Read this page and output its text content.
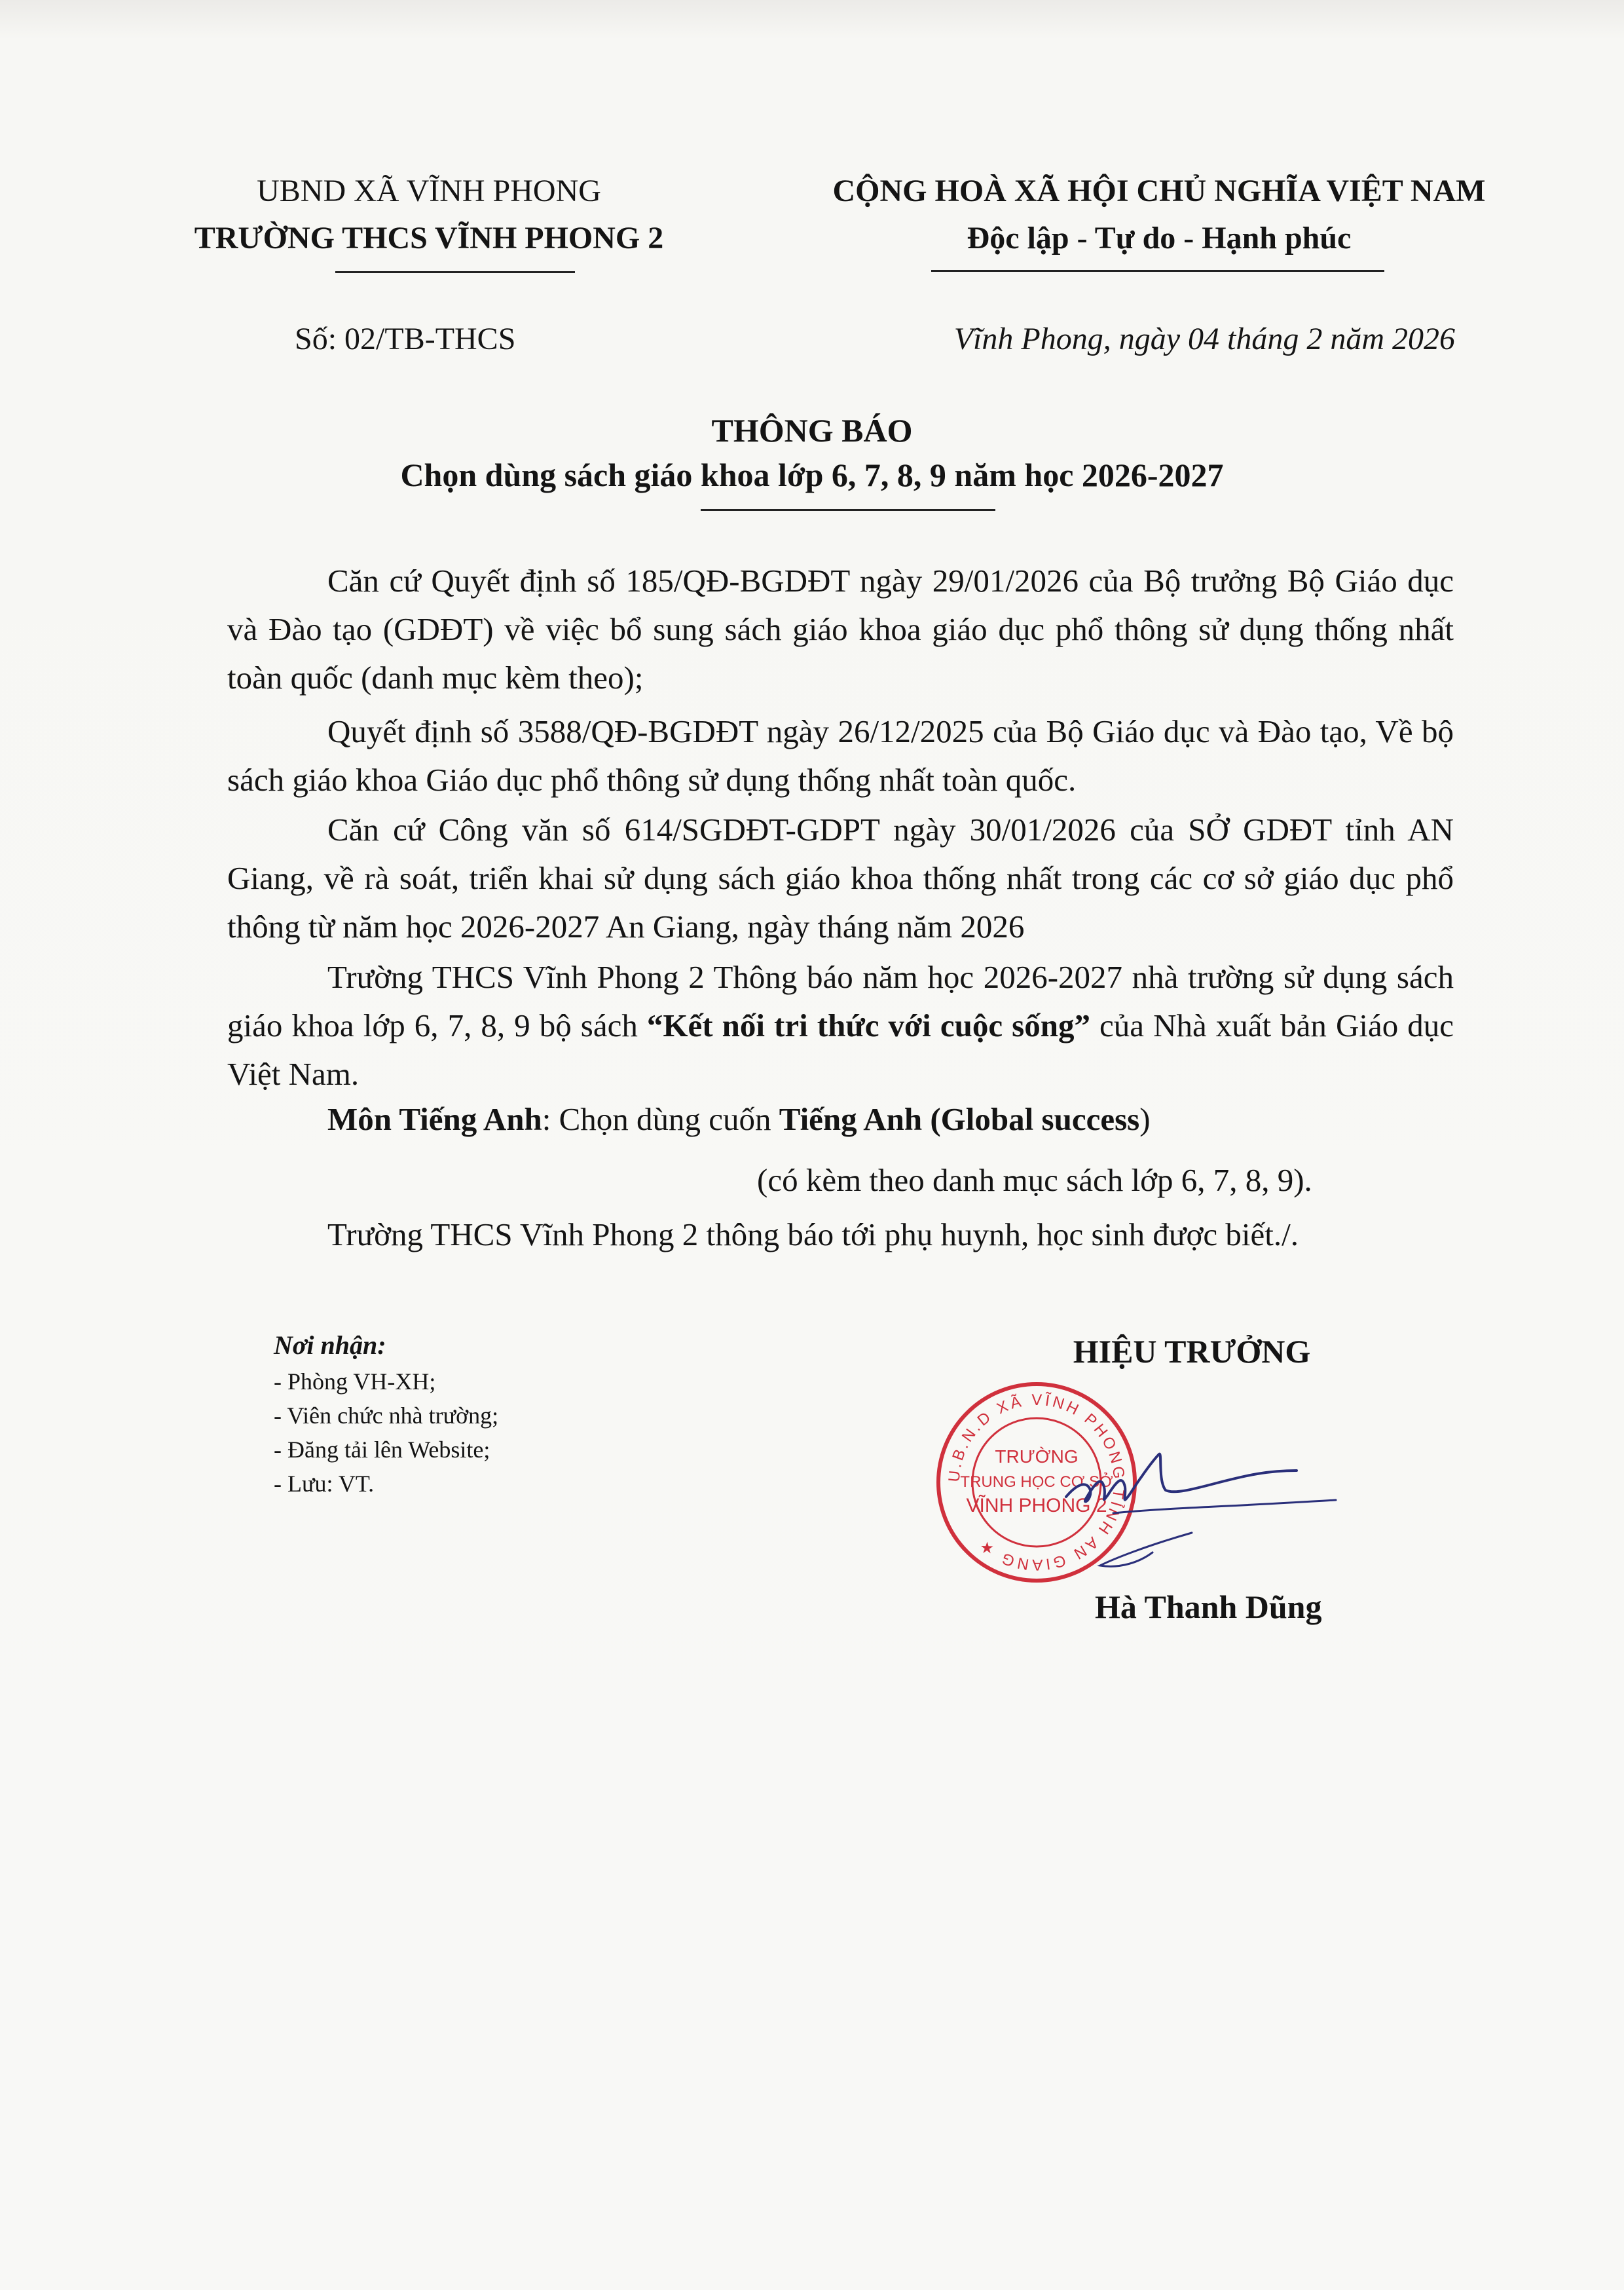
UBND XÃ VĨNH PHONG
TRƯỜNG THCS VĨNH PHONG 2
CỘNG HOÀ XÃ HỘI CHỦ NGHĨA VIỆT NAM
Độc lập - Tự do - Hạnh phúc
Số: 02/TB-THCS	Vĩnh Phong, ngày 04 tháng 2 năm 2026
THÔNG BÁO
Chọn dùng sách giáo khoa lớp 6, 7, 8, 9 năm học 2026-2027
Căn cứ Quyết định số 185/QĐ-BGDĐT ngày 29/01/2026 của Bộ trưởng Bộ Giáo dục và Đào tạo (GDĐT) về việc bổ sung sách giáo khoa giáo dục phổ thông sử dụng thống nhất toàn quốc (danh mục kèm theo);
Quyết định số 3588/QĐ-BGDĐT ngày 26/12/2025 của Bộ Giáo dục và Đào tạo, Về bộ sách giáo khoa Giáo dục phổ thông sử dụng thống nhất toàn quốc.
Căn cứ Công văn số 614/SGDĐT-GDPT ngày 30/01/2026 của SỞ GDĐT tỉnh AN Giang, về rà soát, triển khai sử dụng sách giáo khoa thống nhất trong các cơ sở giáo dục phổ thông từ năm học 2026-2027 An Giang, ngày tháng năm 2026
Trường THCS Vĩnh Phong 2 Thông báo năm học 2026-2027 nhà trường sử dụng sách giáo khoa lớp 6, 7, 8, 9 bộ sách “Kết nối tri thức với cuộc sống” của Nhà xuất bản Giáo dục Việt Nam.
Môn Tiếng Anh: Chọn dùng cuốn Tiếng Anh (Global success)
(có kèm theo danh mục sách lớp 6, 7, 8, 9).
Trường THCS Vĩnh Phong 2 thông báo tới phụ huynh, học sinh được biết./.
Nơi nhận:
- Phòng VH-XH;
- Viên chức nhà trường;
- Đăng tải lên Website;
- Lưu: VT.
HIỆU TRƯỞNG
U.B.N.D XÃ VĨNH PHONG TỈNH AN GIANG ★
TRƯỜNG
TRUNG HỌC CƠ SỞ
VĨNH PHONG 2
Hà Thanh Dũng
